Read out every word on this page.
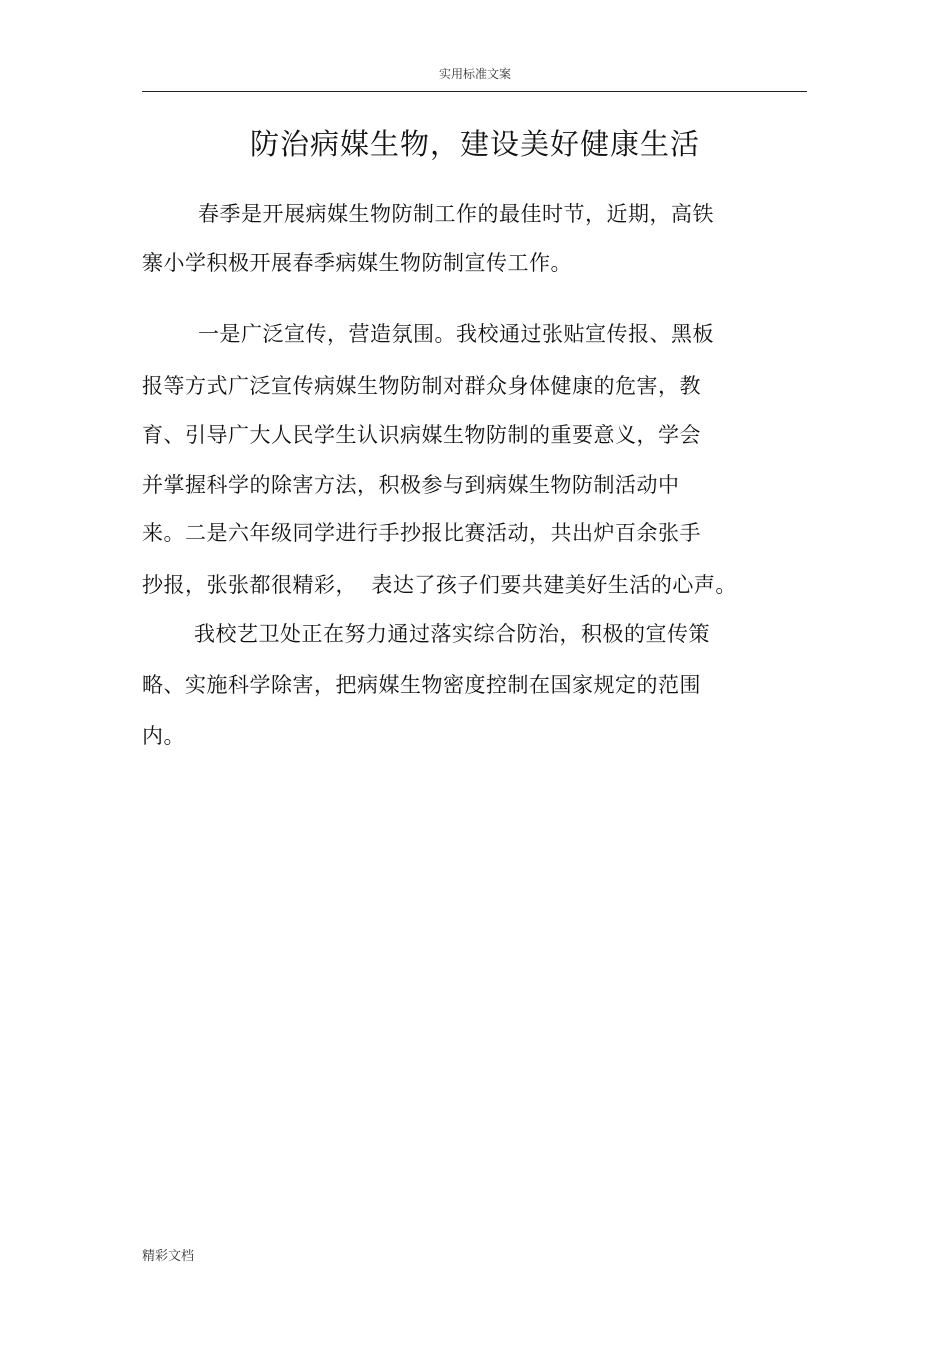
实用标准文案
防治病媒生物，建设美好健康生活
春季是开展病媒生物防制工作的最佳时节，近期，高铁
寨小学积极开展春季病媒生物防制宣传工作。
一是广泛宣传，营造氛围。我校通过张贴宣传报、黑板
报等方式广泛宣传病媒生物防制对群众身体健康的危害，教
育、引导广大人民学生认识病媒生物防制的重要意义，学会
并掌握科学的除害方法，积极参与到病媒生物防制活动中
来。二是六年级同学进行手抄报比赛活动，共出炉百余张手
抄报，张张都很精彩，  表达了孩子们要共建美好生活的心声。
我校艺卫处正在努力通过落实综合防治，积极的宣传策
略、实施科学除害，把病媒生物密度控制在国家规定的范围
内。
精彩文档
